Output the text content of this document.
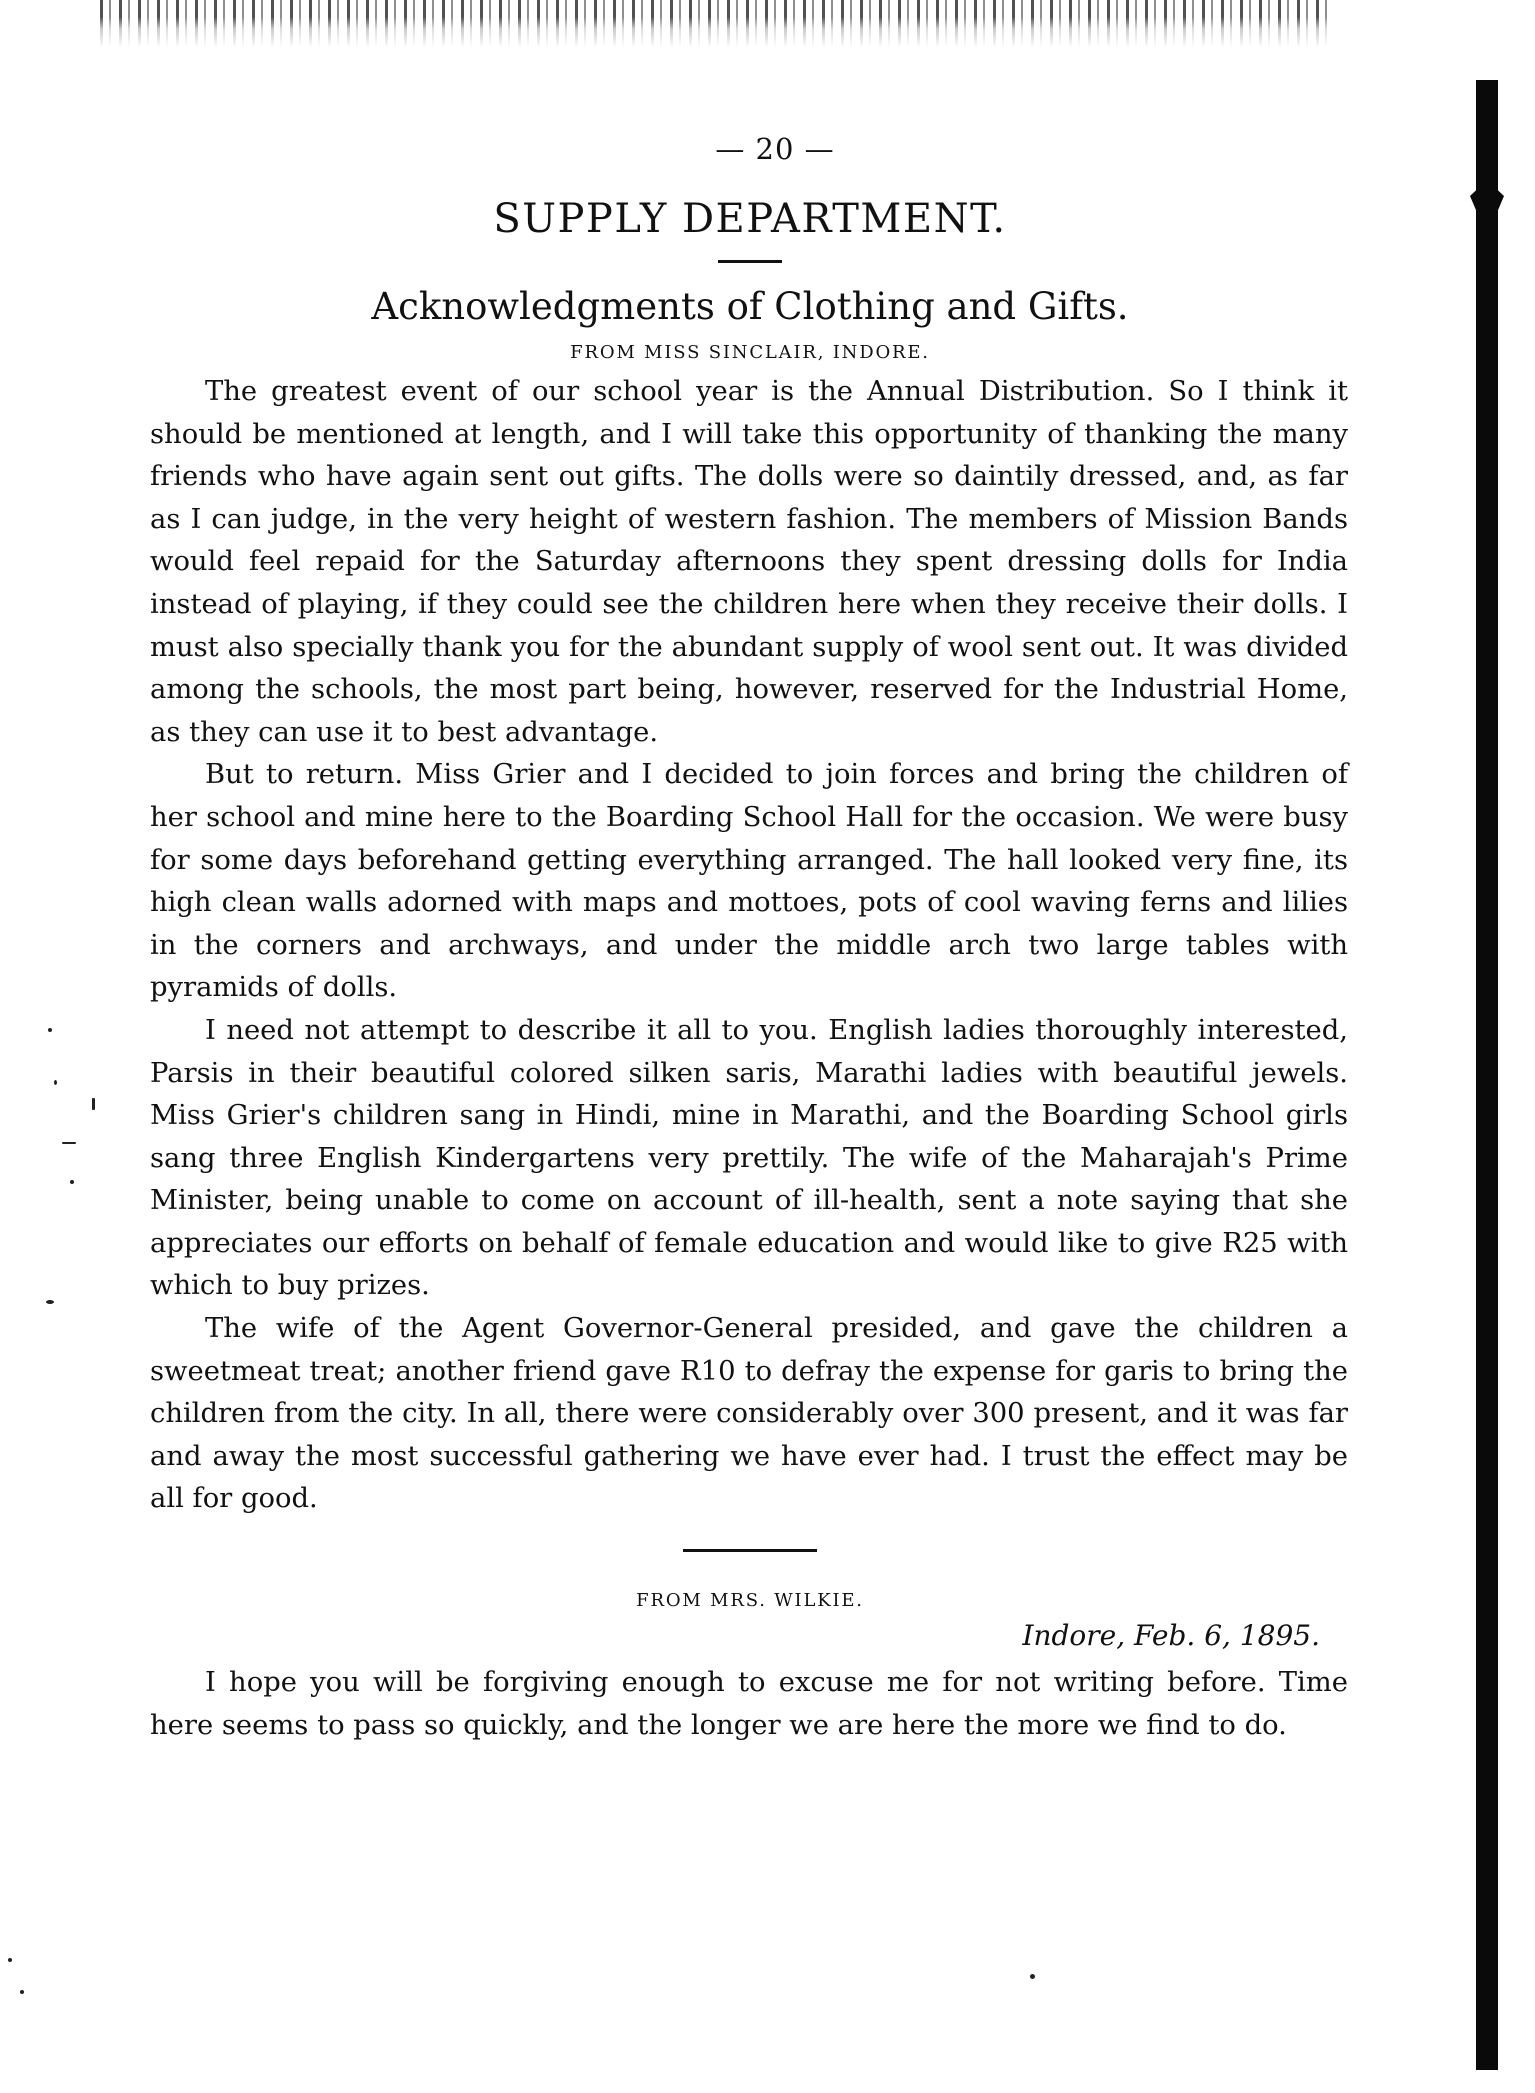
— 20 —
SUPPLY DEPARTMENT.
Acknowledgments of Clothing and Gifts.
FROM MISS SINCLAIR, INDORE.

The greatest event of our school year is the Annual Distribution. So I think it should be mentioned at length, and I will take this opportunity of thanking the many friends who have again sent out gifts. The dolls were so daintily dressed, and, as far as I can judge, in the very height of western fashion. The members of Mission Bands would feel repaid for the Saturday afternoons they spent dressing dolls for India instead of playing, if they could see the children here when they receive their dolls. I must also specially thank you for the abundant supply of wool sent out. It was divided among the schools, the most part being, however, reserved for the Industrial Home, as they can use it to best advantage.

But to return. Miss Grier and I decided to join forces and bring the children of her school and mine here to the Boarding School Hall for the occasion. We were busy for some days beforehand getting everything arranged. The hall looked very fine, its high clean walls adorned with maps and mottoes, pots of cool waving ferns and lilies in the corners and archways, and under the middle arch two large tables with pyramids of dolls.

I need not attempt to describe it all to you. English ladies thoroughly interested, Parsis in their beautiful colored silken saris, Marathi ladies with beautiful jewels. Miss Grier's children sang in Hindi, mine in Marathi, and the Boarding School girls sang three English Kindergartens very prettily. The wife of the Maharajah's Prime Minister, being unable to come on account of ill-health, sent a note saying that she appreciates our efforts on behalf of female education and would like to give R25 with which to buy prizes.

The wife of the Agent Governor-General presided, and gave the children a sweetmeat treat; another friend gave R10 to defray the expense for garis to bring the children from the city. In all, there were considerably over 300 present, and it was far and away the most successful gathering we have ever had. I trust the effect may be all for good.

FROM MRS. WILKIE.
Indore, Feb. 6, 1895.

I hope you will be forgiving enough to excuse me for not writing before. Time here seems to pass so quickly, and the longer we are here the more we find to do.
